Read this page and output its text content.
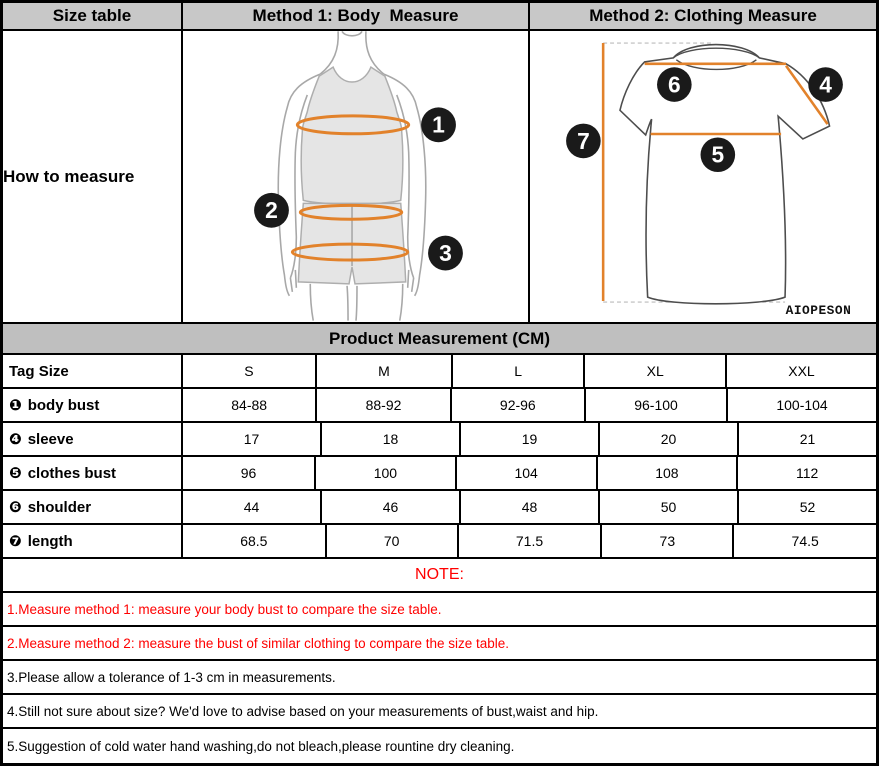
Size table	Method 1: Body  Measure	Method 2: Clothing Measure
How to measure
1
2
3
6	4
7
5
AIOPESON
Product Measurement (CM)
Tag Size	S	M	L	XL	XXL
❶ body bust	84-88	88-92	92-96	96-100	100-104
❹ sleeve	17	18	19	20	21
❺ clothes bust	96	100	104	108	112
❻ shoulder	44	46	48	50	52
❼ length	68.5	70	71.5	73	74.5
NOTE:
1.Measure method 1: measure your body bust to compare the size table.
2.Measure method 2: measure the bust of similar clothing to compare the size table.
3.Please allow a tolerance of 1-3 cm in measurements.
4.Still not sure about size? We'd love to advise based on your measurements of bust,waist and hip.
5.Suggestion of cold water hand washing,do not bleach,please rountine dry cleaning.
